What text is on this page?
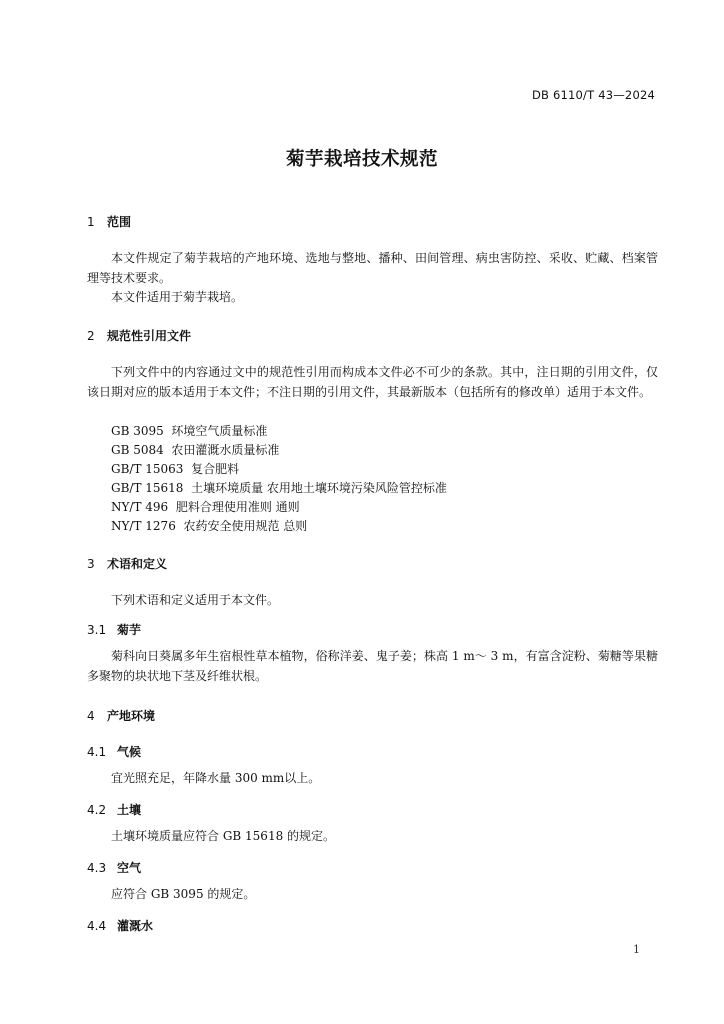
DB 6110/T 43—2024
菊芋栽培技术规范
1 范围
本文件规定了菊芋栽培的产地环境、选地与整地、播种、田间管理、病虫害防控、采收、贮藏、档案管理等技术要求。
本文件适用于菊芋栽培。
2 规范性引用文件
下列文件中的内容通过文中的规范性引用而构成本文件必不可少的条款。其中，注日期的引用文件，仅该日期对应的版本适用于本文件；不注日期的引用文件，其最新版本（包括所有的修改单）适用于本文件。
GB 3095  环境空气质量标准
GB 5084  农田灌溉水质量标准
GB/T 15063  复合肥料
GB/T 15618  土壤环境质量 农用地土壤环境污染风险管控标准
NY/T 496  肥料合理使用准则 通则
NY/T 1276  农药安全使用规范 总则
3 术语和定义
下列术语和定义适用于本文件。
3.1 菊芋
菊科向日葵属多年生宿根性草本植物，俗称洋姜、鬼子姜；株高 1 m～ 3 m，有富含淀粉、菊糖等果糖多聚物的块状地下茎及纤维状根。
4 产地环境
4.1 气候
宜光照充足，年降水量 300 mm以上。
4.2 土壤
土壤环境质量应符合 GB 15618 的规定。
4.3 空气
应符合 GB 3095 的规定。
4.4 灌溉水
1
